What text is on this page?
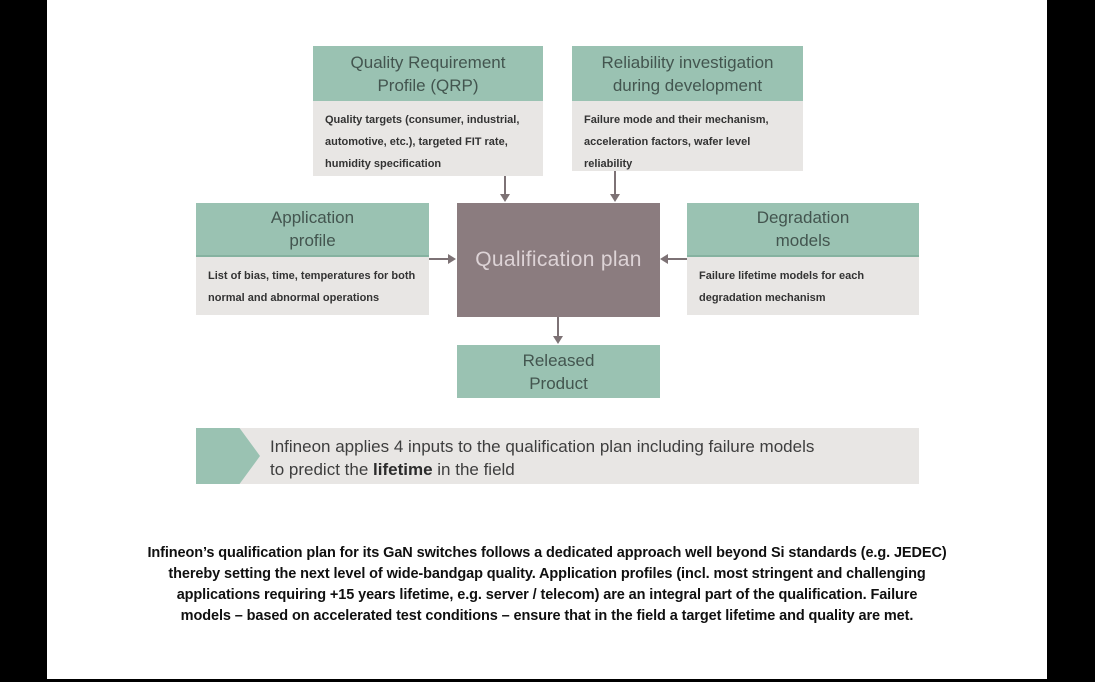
Quality Requirement
Profile (QRP)
Quality targets (consumer, industrial,
automotive, etc.), targeted FIT rate,
humidity specification
Reliability investigation
during development
Failure mode and their mechanism,
acceleration factors, wafer level reliability
Application
profile
List of bias, time, temperatures for both
normal and abnormal operations
Degradation
models
Failure lifetime models for each
degradation mechanism
Qualification plan
Released
Product
Infineon applies 4 inputs to the qualification plan including failure models
to predict the lifetime in the field
Infineon’s qualification plan for its GaN switches follows a dedicated approach well beyond Si standards (e.g. JEDEC)
thereby setting the next level of wide-bandgap quality. Application profiles (incl. most stringent and challenging
applications requiring +15 years lifetime, e.g. server / telecom) are an integral part of the qualification. Failure
models – based on accelerated test conditions – ensure that in the field a target lifetime and quality are met.
